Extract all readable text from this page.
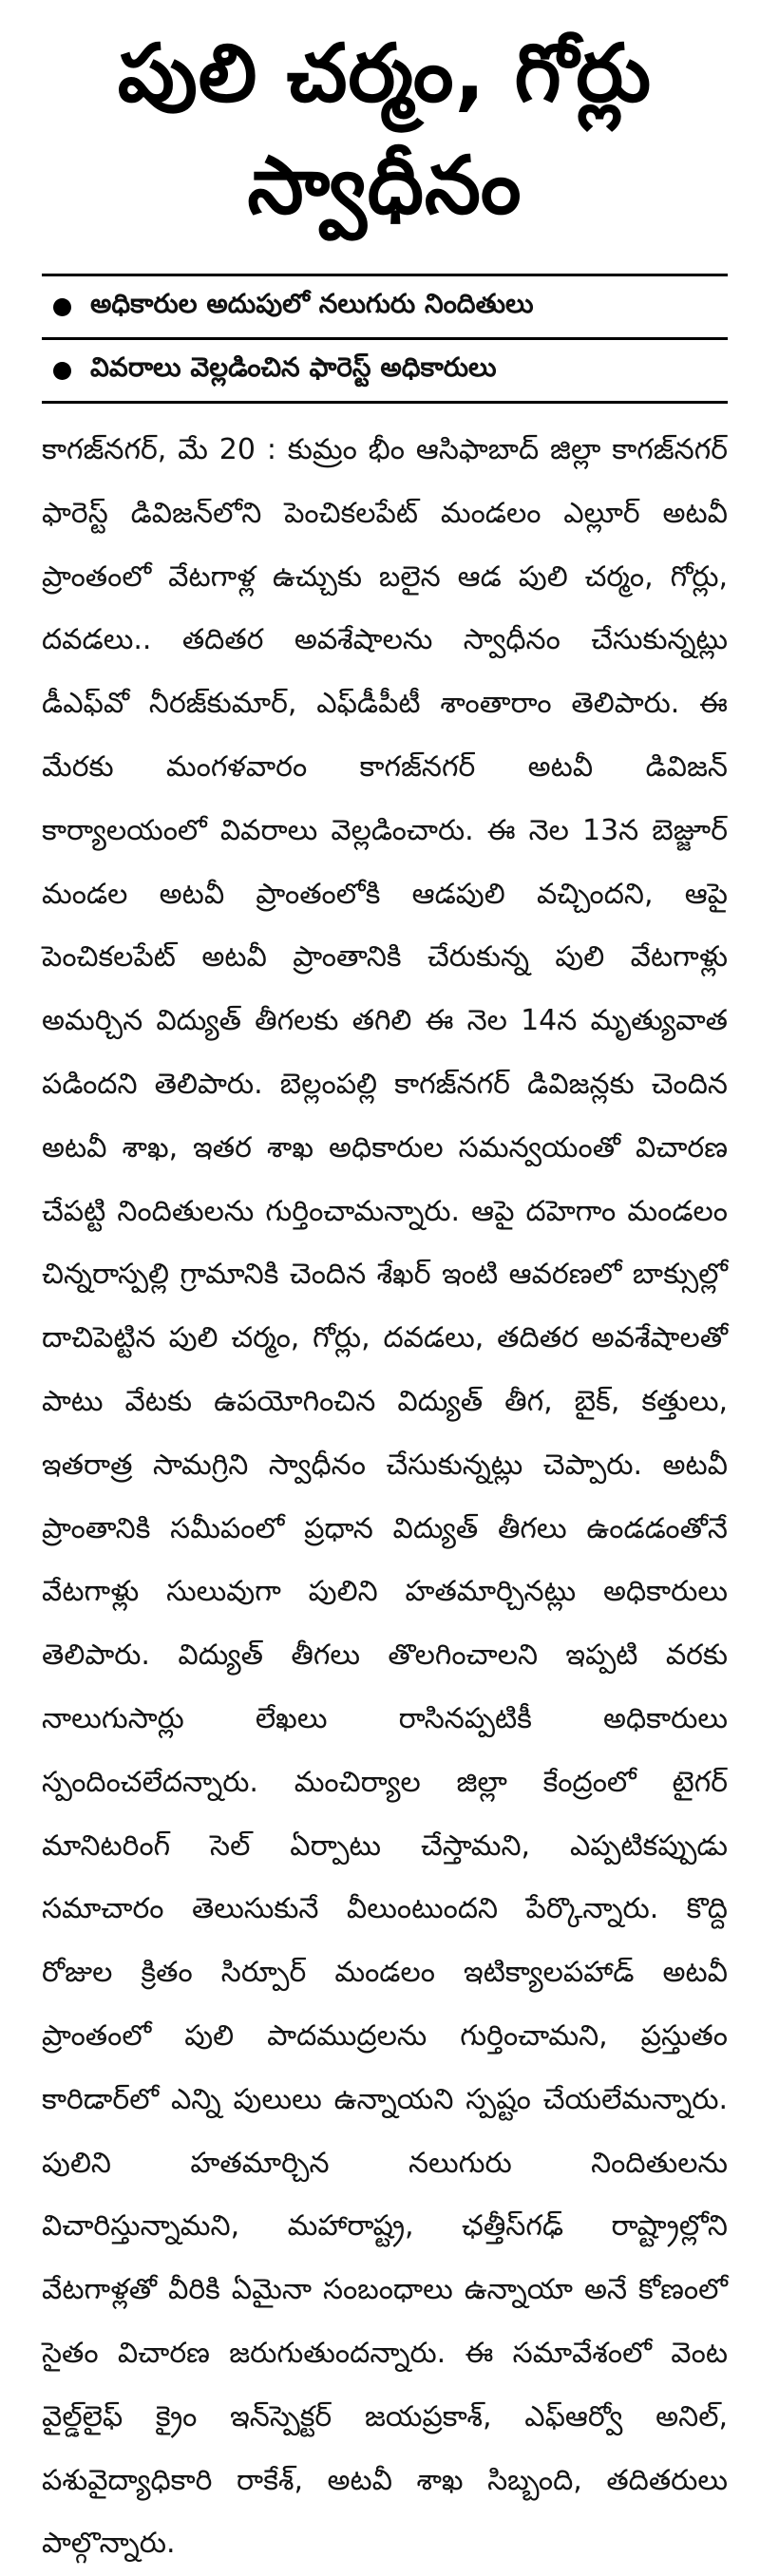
పులి చర్మం, గోర్లు
స్వాధీనం
అధికారుల అదుపులో నలుగురు నిందితులు
వివరాలు వెల్లడించిన ఫారెస్ట్ అధికారులు

కాగజ్‌నగర్, మే 20 : కుమ్రం భీం ఆసిఫాబాద్ జిల్లా కాగజ్‌నగర్ ఫారెస్ట్ డివిజన్‌లోని పెంచికలపేట్ మండలం ఎల్లూర్ అటవీ ప్రాంతంలో వేటగాళ్ల ఉచ్చుకు బలైన ఆడ పులి చర్మం, గోర్లు, దవడలు.. తదితర అవశేషాలను స్వాధీనం చేసుకున్నట్లు డీఎఫ్‌వో నీరజ్‌కుమార్, ఎఫ్‌డీపీటీ శాంతారాం తెలిపారు. ఈ మేరకు మంగళవారం కాగజ్‌నగర్ అటవీ డివిజన్ కార్యాలయంలో వివరాలు వెల్లడించారు. ఈ నెల 13న బెజ్జూర్ మండల అటవీ ప్రాంతంలోకి ఆడపులి వచ్చిందని, ఆపై పెంచికలపేట్ అటవీ ప్రాంతానికి చేరుకున్న పులి వేటగాళ్లు అమర్చిన విద్యుత్ తీగలకు తగిలి ఈ నెల 14న మృత్యువాత పడిందని తెలిపారు. బెల్లంపల్లి కాగజ్‌నగర్ డివిజన్లకు చెందిన అటవీ శాఖ, ఇతర శాఖ అధికారుల సమన్వయంతో విచారణ చేపట్టి నిందితులను గుర్తించామన్నారు. ఆపై దహెగాం మండలం చిన్నరాస్పల్లి గ్రామానికి చెందిన శేఖర్ ఇంటి ఆవరణలో బాక్సుల్లో దాచిపెట్టిన పులి చర్మం, గోర్లు, దవడలు, తదితర అవశేషాలతో పాటు వేటకు ఉపయోగించిన విద్యుత్ తీగ, బైక్, కత్తులు, ఇతరాత్ర సామగ్రిని స్వాధీనం చేసుకున్నట్లు చెప్పారు. అటవీ ప్రాంతానికి సమీపంలో ప్రధాన విద్యుత్ తీగలు ఉండడంతోనే వేటగాళ్లు సులువుగా పులిని హతమార్చినట్లు అధికారులు తెలిపారు. విద్యుత్ తీగలు తొలగించాలని ఇప్పటి వరకు నాలుగుసార్లు లేఖలు రాసినప్పటికీ అధికారులు స్పందించలేదన్నారు. మంచిర్యాల జిల్లా కేంద్రంలో టైగర్ మానిటరింగ్ సెల్ ఏర్పాటు చేస్తామని, ఎప్పటికప్పుడు సమాచారం తెలుసుకునే వీలుంటుందని పేర్కొన్నారు. కొద్ది రోజుల క్రితం సిర్పూర్ మండలం ఇటిక్యాలపహాడ్ అటవీ ప్రాంతంలో పులి పాదముద్రలను గుర్తించామని, ప్రస్తుతం కారిడార్‌లో ఎన్ని పులులు ఉన్నాయని స్పష్టం చేయలేమన్నారు. పులిని హతమార్చిన నలుగురు నిందితులను విచారిస్తున్నామని, మహారాష్ట్ర, ఛత్తీస్‌గఢ్ రాష్ట్రాల్లోని వేటగాళ్లతో వీరికి ఏమైనా సంబంధాలు ఉన్నాయా అనే కోణంలో సైతం విచారణ జరుగుతుందన్నారు. ఈ సమావేశంలో వెంట వైల్డ్‌లైఫ్ క్రైం ఇన్‌స్పెక్టర్ జయప్రకాశ్, ఎఫ్ఆర్వో అనిల్, పశువైద్యాధికారి రాకేశ్, అటవీ శాఖ సిబ్బంది, తదితరులు పాల్గొన్నారు.
